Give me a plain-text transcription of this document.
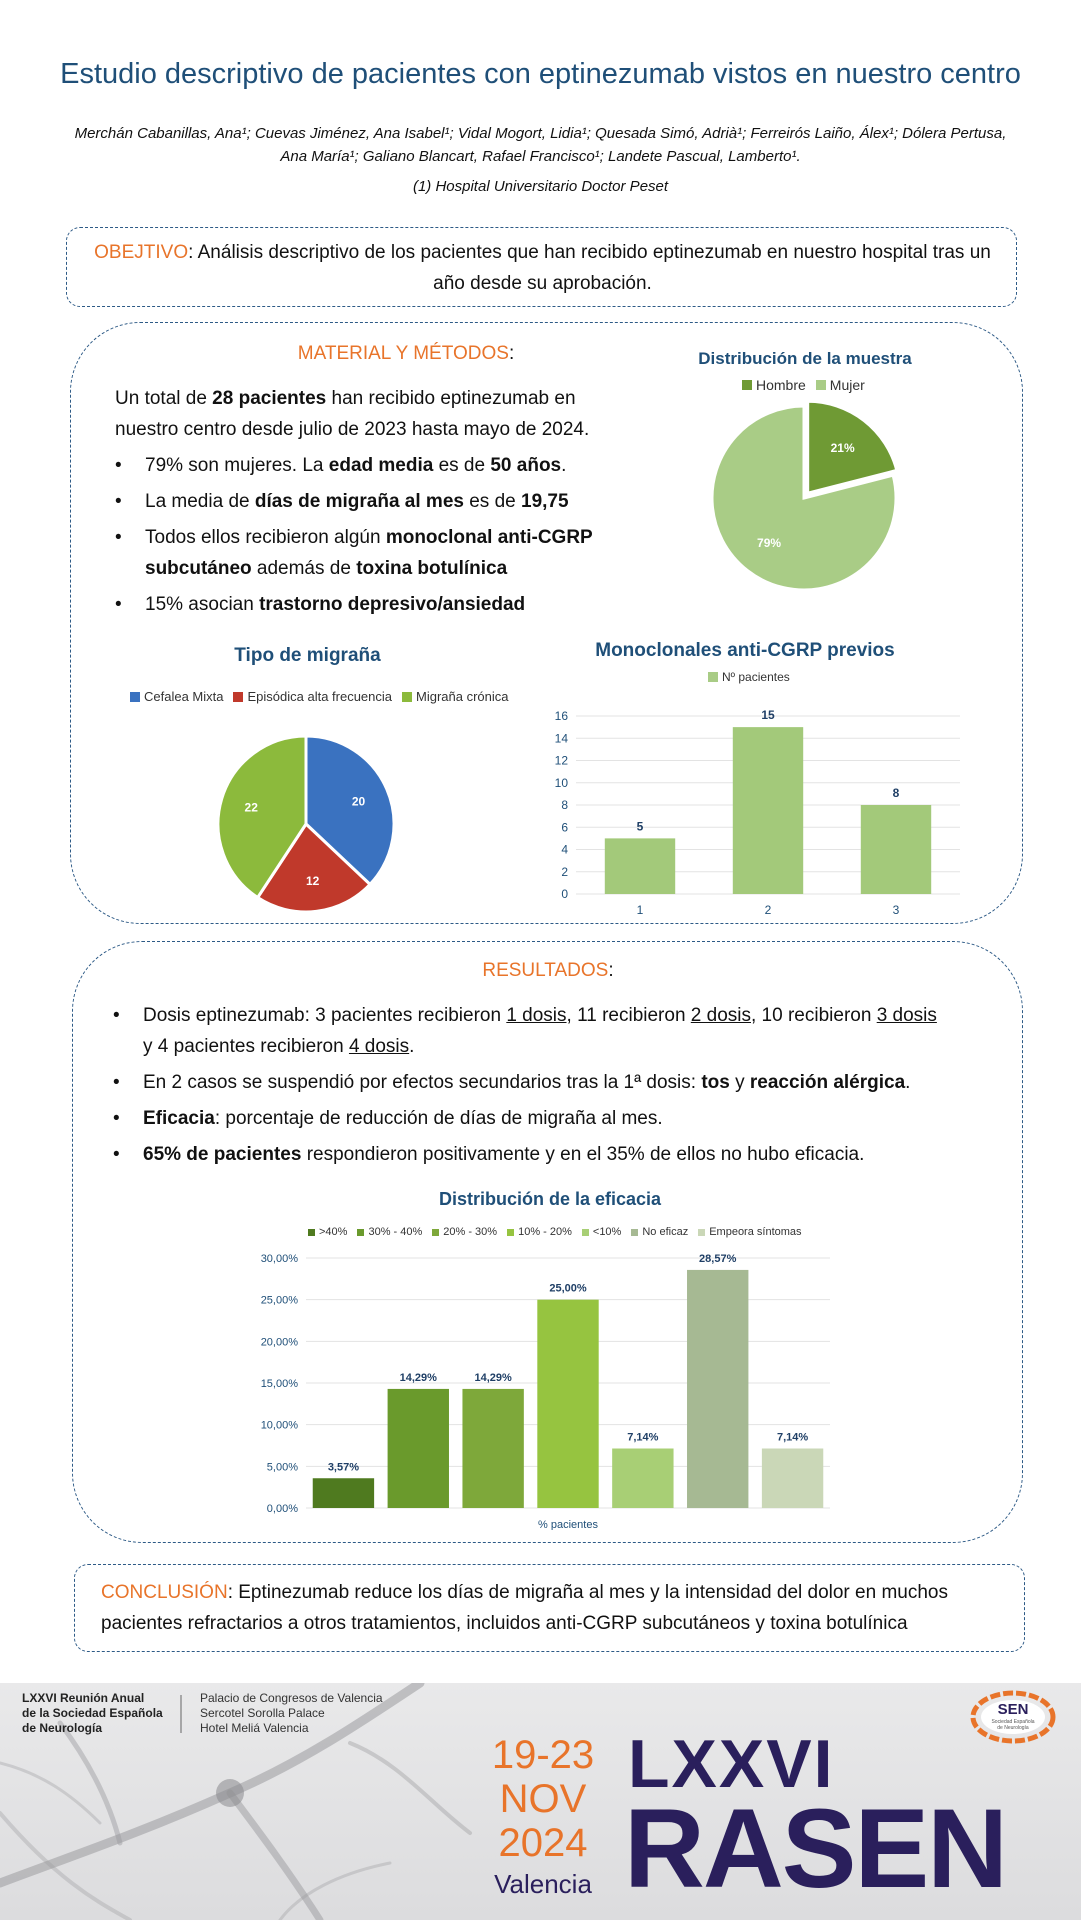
Estudio descriptivo de pacientes con eptinezumab vistos en nuestro centro
Merchán Cabanillas, Ana¹; Cuevas Jiménez, Ana Isabel¹; Vidal Mogort, Lidia¹; Quesada Simó, Adrià¹; Ferreirós Laiño, Álex¹; Dólera Pertusa,
Ana María¹; Galiano Blancart, Rafael Francisco¹; Landete Pascual, Lamberto¹.
(1) Hospital Universitario Doctor Peset
OBEJTIVO: Análisis descriptivo de los pacientes que han recibido eptinezumab en nuestro hospital tras un año desde su aprobación.
MATERIAL Y MÉTODOS:
Un total de 28 pacientes han recibido eptinezumab en nuestro centro desde julio de 2023 hasta mayo de 2024.
• 79% son mujeres. La edad media es de 50 años.
• La media de días de migraña al mes es de 19,75
• Todos ellos recibieron algún monoclonal anti-CGRP subcutáneo además de toxina botulínica
• 15% asocian trastorno depresivo/ansiedad
Distribución de la muestra
Hombre Mujer
21%
79%
Tipo de migraña
Cefalea Mixta Episódica alta frecuencia Migraña crónica
20
12
22
Monoclonales anti-CGRP previos
Nº pacientes
0
2
4
6
8
10
12
14
16
5
1
15
2
8
3
RESULTADOS:
• Dosis eptinezumab: 3 pacientes recibieron 1 dosis, 11 recibieron 2 dosis, 10 recibieron 3 dosis y 4 pacientes recibieron 4 dosis.
• En 2 casos se suspendió por efectos secundarios tras la 1ª dosis: tos y reacción alérgica.
• Eficacia: porcentaje de reducción de días de migraña al mes.
• 65% de pacientes respondieron positivamente y en el 35% de ellos no hubo eficacia.
Distribución de la eficacia
>40% 30% - 40% 20% - 30% 10% - 20% <10% No eficaz Empeora síntomas
0,00%
5,00%
10,00%
15,00%
20,00%
25,00%
30,00%
3,57%
14,29%	14,29%
25,00%
7,14%
28,57%
7,14%
% pacientes
CONCLUSIÓN: Eptinezumab reduce los días de migraña al mes y la intensidad del dolor en muchos pacientes refractarios a otros tratamientos, incluidos anti-CGRP subcutáneos y toxina botulínica
LXXVI Reunión Anual
de la Sociedad Española
de Neurología
Palacio de Congresos de Valencia
Sercotel Sorolla Palace
Hotel Meliá Valencia
19-23
NOV
2024
Valencia
LXXVI
RASEN
SEN
Sociedad Española
de Neurología
